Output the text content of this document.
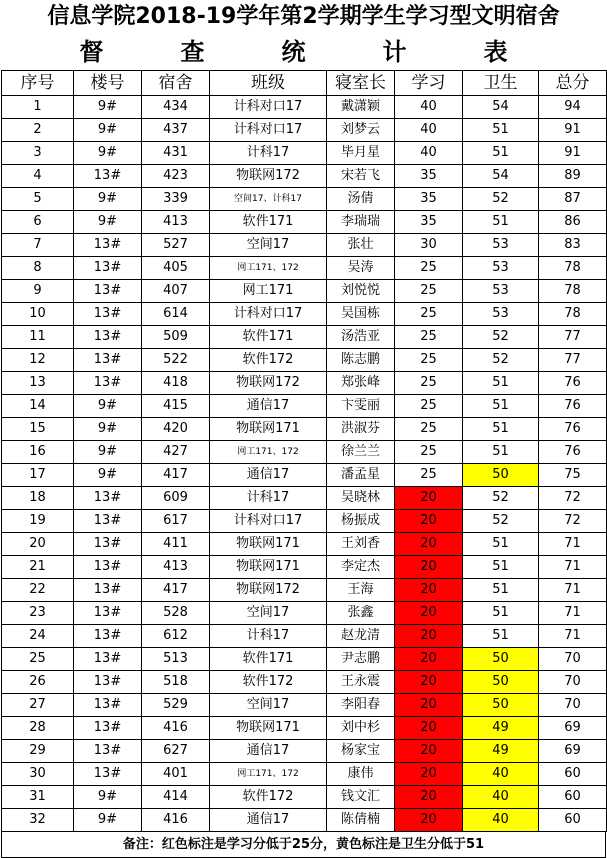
信息学院2018-19学年第2学期学生学习型文明宿舍
督	查	统	计	表
序号	楼号	宿舍	班级	寝室长	学习	卫生	总分
1	9#	434	计科对口17	戴潇颖	40	54	94
2	9#	437	计科对口17	刘梦云	40	51	91
3	9#	431	计科17	毕月星	40	51	91
4	13#	423	物联网172	宋若飞	35	54	89
5	9#	339	空间17、计科17	汤倩	35	52	87
6	9#	413	软件171	李瑞瑞	35	51	86
7	13#	527	空间17	张壮	30	53	83
8	13#	405	网工171、172	吴涛	25	53	78
9	13#	407	网工171	刘悦悦	25	53	78
10	13#	614	计科对口17	吴国栋	25	53	78
11	13#	509	软件171	汤浩亚	25	52	77
12	13#	522	软件172	陈志鹏	25	52	77
13	13#	418	物联网172	郑张峰	25	51	76
14	9#	415	通信17	卞雯丽	25	51	76
15	9#	420	物联网171	洪淑芬	25	51	76
16	9#	427	网工171、172	徐兰兰	25	51	76
17	9#	417	通信17	潘孟星	25	50	75
18	13#	609	计科17	吴晓林	20	52	72
19	13#	617	计科对口17	杨振成	20	52	72
20	13#	411	物联网171	王刘香	20	51	71
21	13#	413	物联网171	李定杰	20	51	71
22	13#	417	物联网172	王海	20	51	71
23	13#	528	空间17	张鑫	20	51	71
24	13#	612	计科17	赵龙清	20	51	71
25	13#	513	软件171	尹志鹏	20	50	70
26	13#	518	软件172	王永震	20	50	70
27	13#	529	空间17	李阳春	20	50	70
28	13#	416	物联网171	刘中杉	20	49	69
29	13#	627	通信17	杨家宝	20	49	69
30	13#	401	网工171、172	康伟	20	40	60
31	9#	414	软件172	钱文汇	20	40	60
32	9#	416	通信17	陈倩楠	20	40	60
备注：红色标注是学习分低于25分，黄色标注是卫生分低于51
